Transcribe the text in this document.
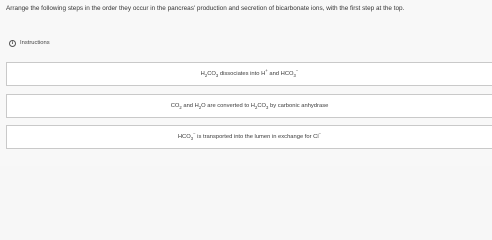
Arrange the following steps in the order they occur in the pancreas' production and secretion of bicarbonate ions, with the first step at the top.
i	Instructions
$H_2CO_3$ dissociates into H+ and $HCO_3^-$
$CO_2$ and $H_2O$ are converted to $H_2CO_3$ by carbonic anhydrase
$HCO_3^-$ is transported into the lumen in exchange for Cl−
